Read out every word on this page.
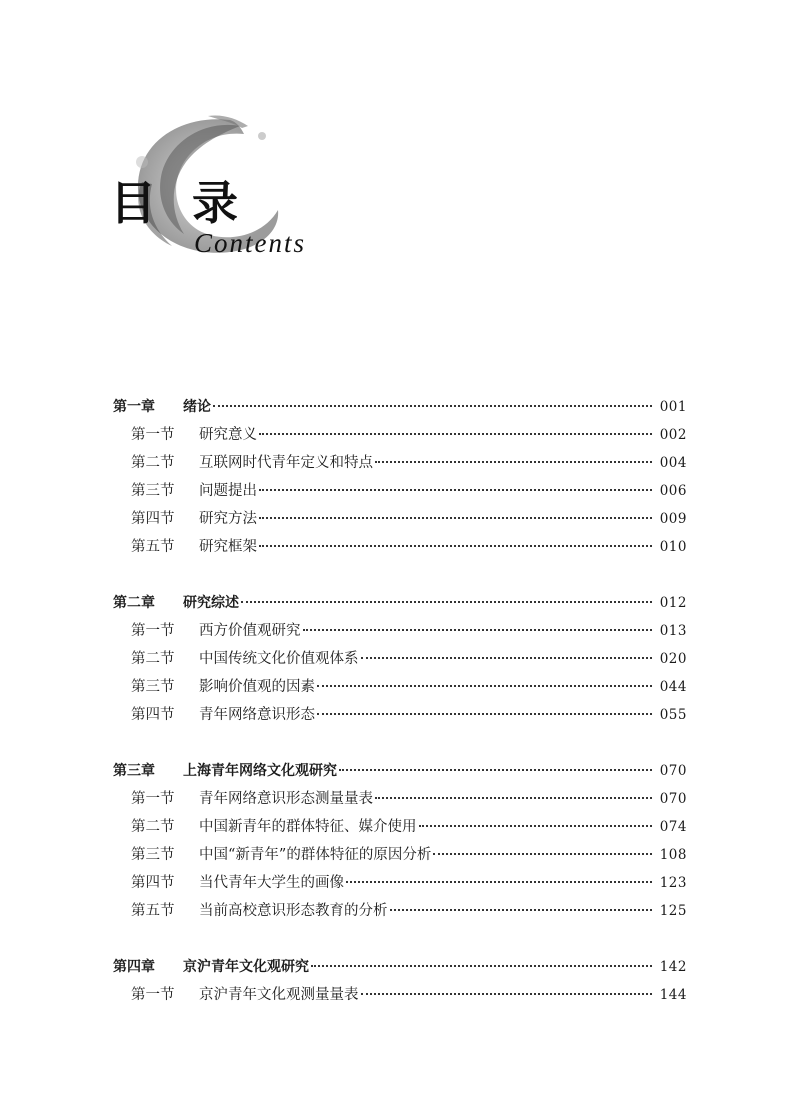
目 录
Contents
第一章	绪论	001
第一节	研究意义	002
第二节	互联网时代青年定义和特点	004
第三节	问题提出	006
第四节	研究方法	009
第五节	研究框架	010
第二章	研究综述	012
第一节	西方价值观研究	013
第二节	中国传统文化价值观体系	020
第三节	影响价值观的因素	044
第四节	青年网络意识形态	055
第三章	上海青年网络文化观研究	070
第一节	青年网络意识形态测量量表	070
第二节	中国新青年的群体特征、媒介使用	074
第三节	中国“新青年”的群体特征的原因分析	108
第四节	当代青年大学生的画像	123
第五节	当前高校意识形态教育的分析	125
第四章	京沪青年文化观研究	142
第一节	京沪青年文化观测量量表	144
